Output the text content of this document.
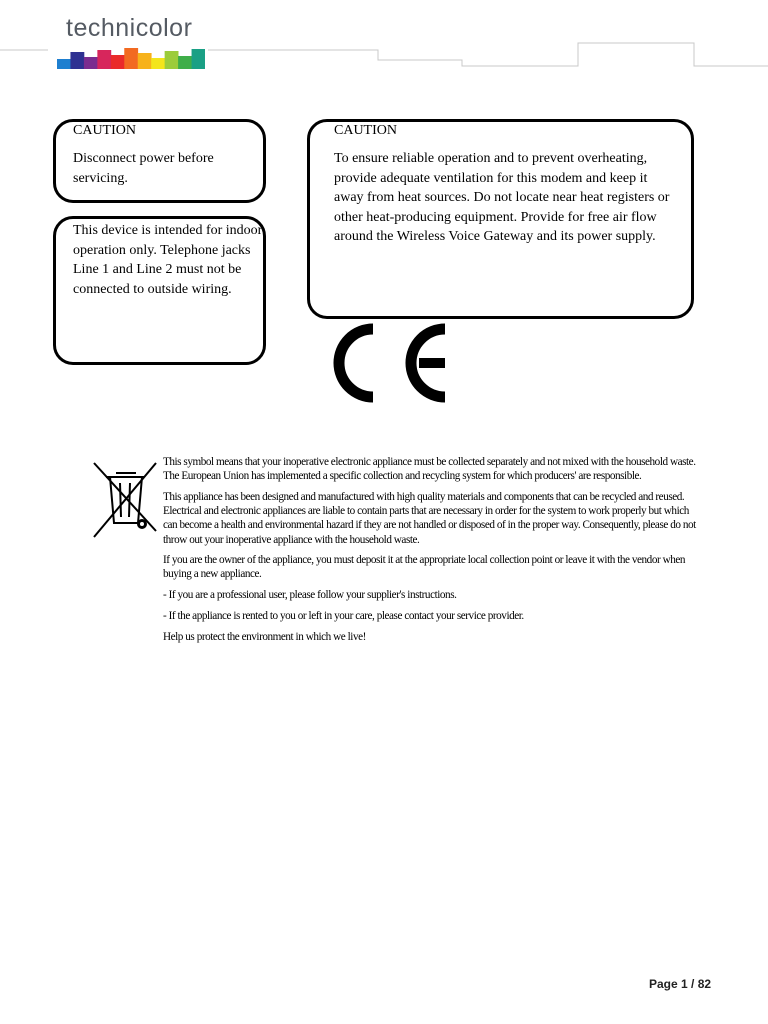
technicolor
CAUTION

Disconnect power before servicing.

This device is intended for indoor operation only. Telephone jacks Line 1 and Line 2 must not be connected to outside wiring.

CAUTION

To ensure reliable operation and to prevent overheating, provide adequate ventilation for this modem and keep it away from heat sources. Do not locate near heat registers or other heat-producing equipment. Provide for free air flow around the Wireless Voice Gateway and its power supply.

This symbol means that your inoperative electronic appliance must be collected separately and not mixed with the household waste. The European Union has implemented a specific collection and recycling system for which producers' are responsible.

This appliance has been designed and manufactured with high quality materials and components that can be recycled and reused. Electrical and electronic appliances are liable to contain parts that are necessary in order for the system to work properly but which can become a health and environmental hazard if they are not handled or disposed of in the proper way. Consequently, please do not throw out your inoperative appliance with the household waste.

If you are the owner of the appliance, you must deposit it at the appropriate local collection point or leave it with the vendor when buying a new appliance.

- If you are a professional user, please follow your supplier's instructions.

- If the appliance is rented to you or left in your care, please contact your service provider.

Help us protect the environment in which we live!

Page 1 / 82
